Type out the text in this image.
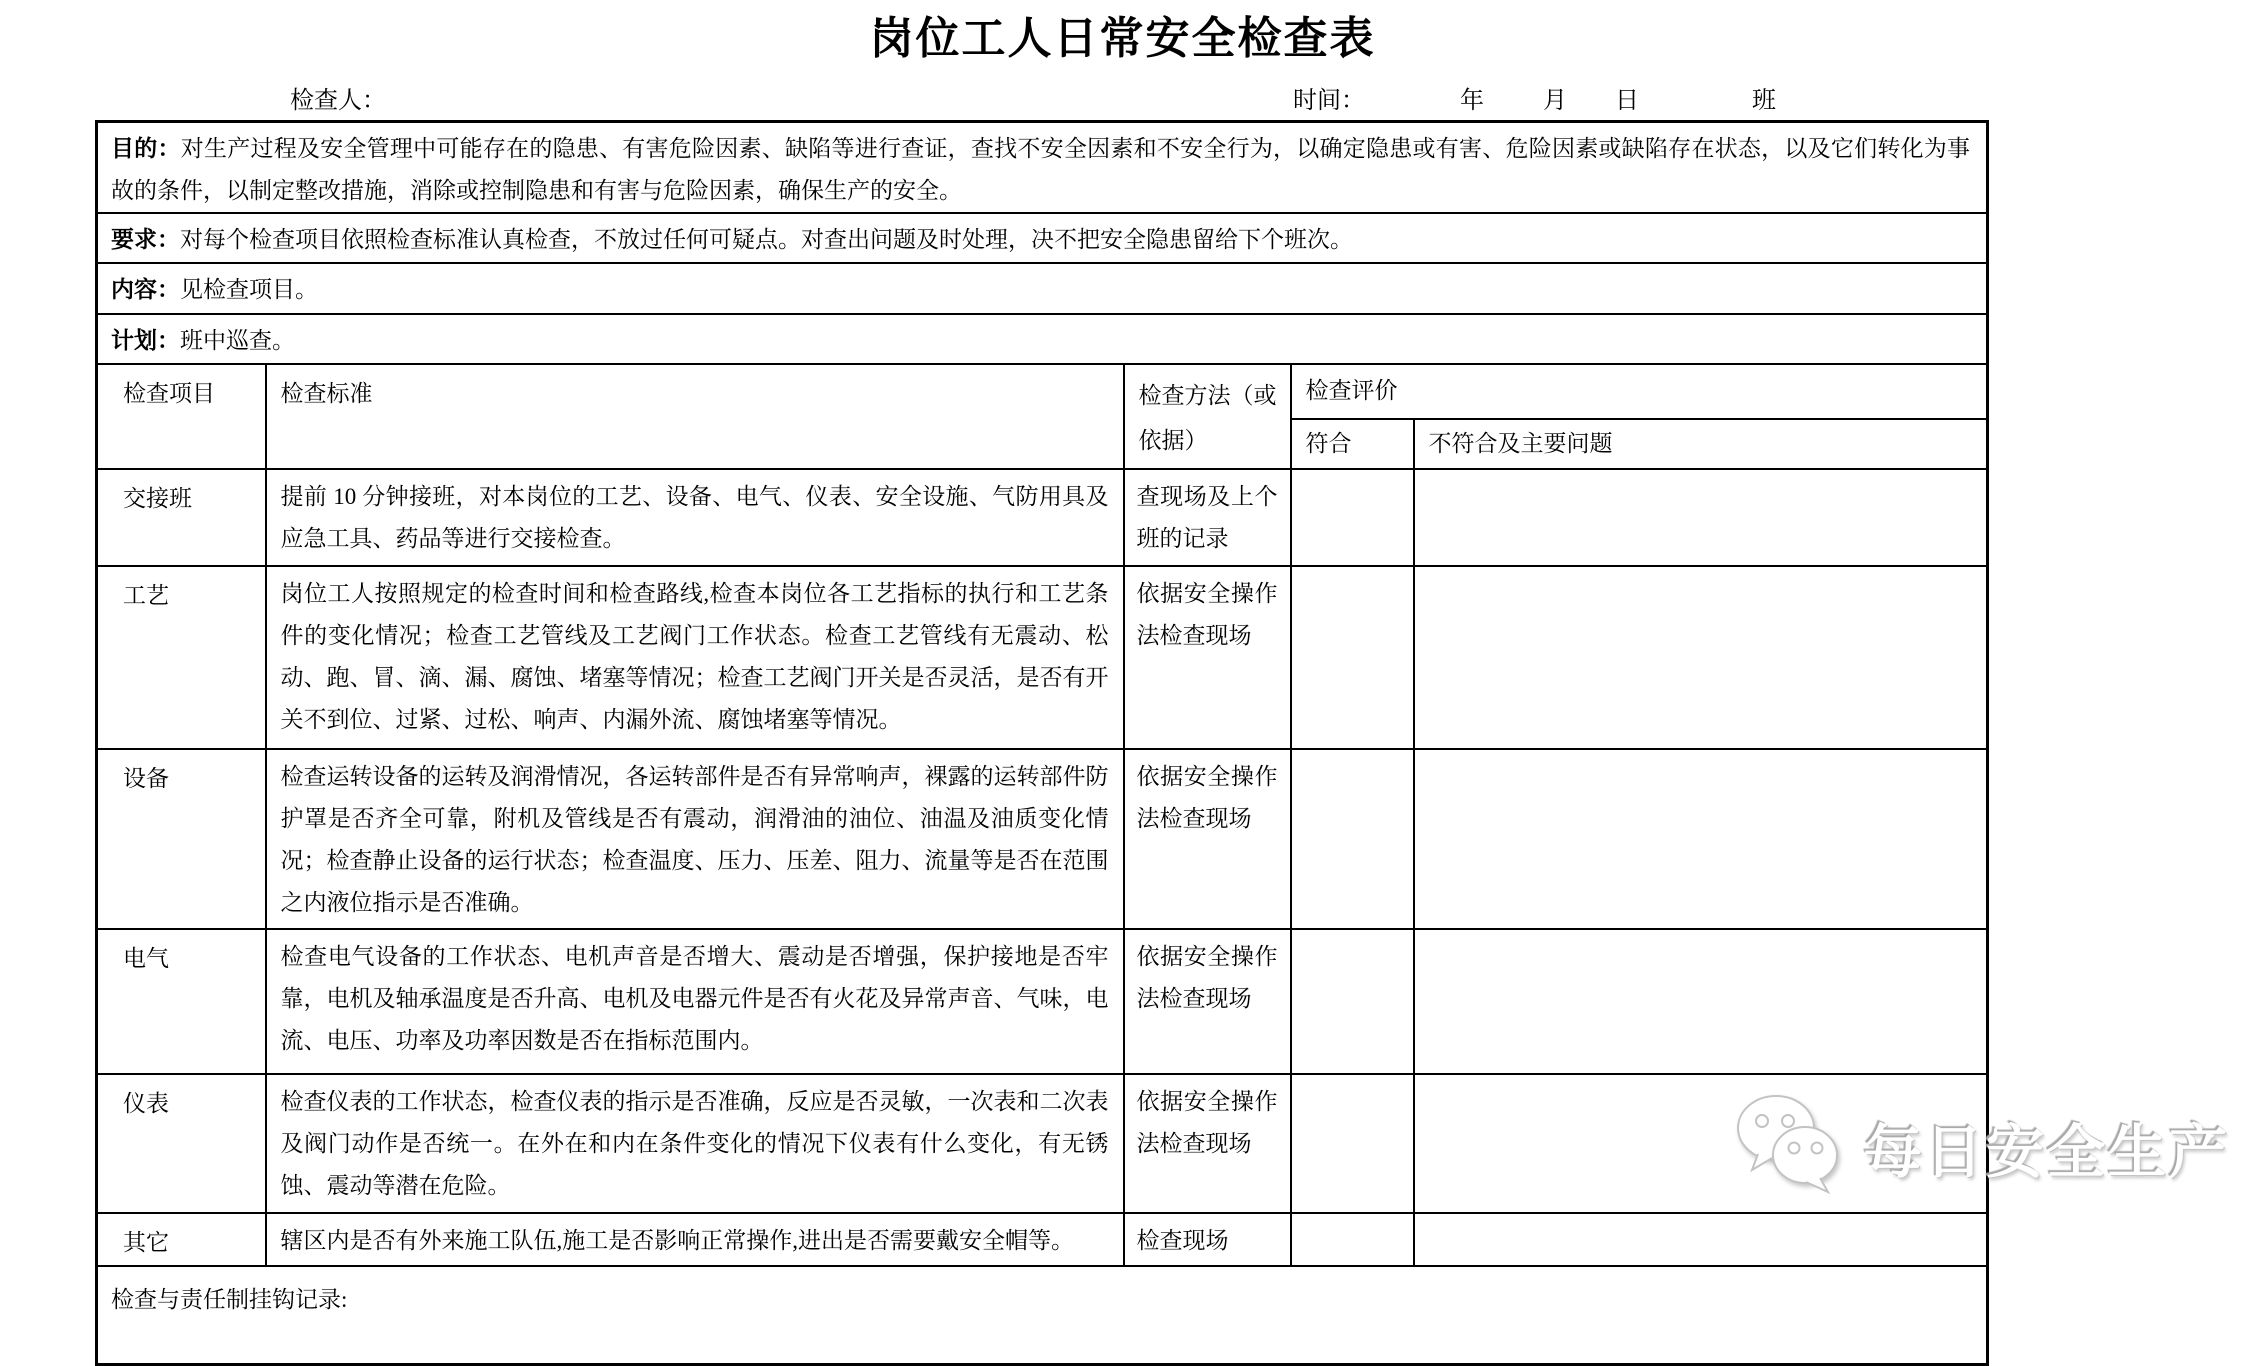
岗位工人日常安全检查表
检查人：	时间：	年 月 日	班
目的：对生产过程及安全管理中可能存在的隐患、有害危险因素、缺陷等进行查证，查找不安全因素和不安全行为，以确定隐患或有害、危险因素或缺陷存在状态，以及它们转化为事故的条件，以制定整改措施，消除或控制隐患和有害与危险因素，确保生产的安全。				
要求：对每个检查项目依照检查标准认真检查，不放过任何可疑点。对查出问题及时处理，决不把安全隐患留给下个班次。				
内容：见检查项目。				
计划：班中巡查。				
检查项目	检查标准	检查方法（或依据）	检查评价	
			符合	不符合及主要问题
交接班	提前 10 分钟接班，对本岗位的工艺、设备、电气、仪表、安全设施、气防用具及应急工具、药品等进行交接检查。	查现场及上个班的记录		
工艺	岗位工人按照规定的检查时间和检查路线,检查本岗位各工艺指标的执行和工艺条件的变化情况；检查工艺管线及工艺阀门工作状态。检查工艺管线有无震动、松动、跑、冒、滴、漏、腐蚀、堵塞等情况；检查工艺阀门开关是否灵活，是否有开关不到位、过紧、过松、响声、内漏外流、腐蚀堵塞等情况。	依据安全操作法检查现场		
设备	检查运转设备的运转及润滑情况，各运转部件是否有异常响声，裸露的运转部件防护罩是否齐全可靠，附机及管线是否有震动，润滑油的油位、油温及油质变化情况；检查静止设备的运行状态；检查温度、压力、压差、阻力、流量等是否在范围之内液位指示是否准确。	依据安全操作法检查现场		
电气	检查电气设备的工作状态、电机声音是否增大、震动是否增强，保护接地是否牢靠，电机及轴承温度是否升高、电机及电器元件是否有火花及异常声音、气味，电流、电压、功率及功率因数是否在指标范围内。	依据安全操作法检查现场		
仪表	检查仪表的工作状态，检查仪表的指示是否准确，反应是否灵敏，一次表和二次表及阀门动作是否统一。在外在和内在条件变化的情况下仪表有什么变化，有无锈蚀、震动等潜在危险。	依据安全操作法检查现场		
其它	辖区内是否有外来施工队伍,施工是否影响正常操作,进出是否需要戴安全帽等。	检查现场		
检查与责任制挂钩记录:				
每日安全生产
